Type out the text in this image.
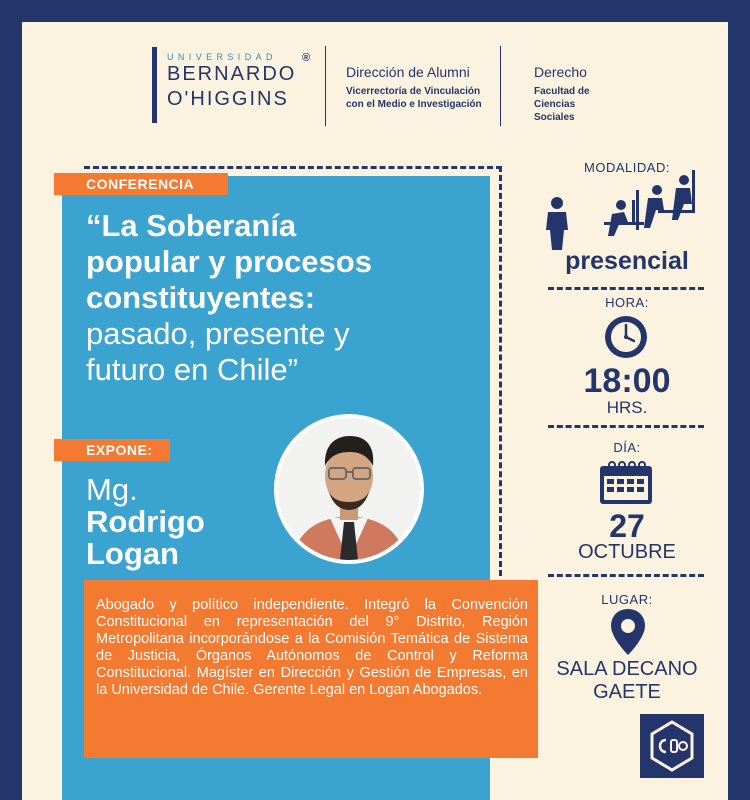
UNIVERSIDAD
BERNARDO
O'HIGGINS
®
Dirección de Alumni
Vicerrectoría de Vinculación con el Medio e Investigación
Derecho
Facultad de Ciencias Sociales
CONFERENCIA
“La Soberanía
popular y procesos
constituyentes:
pasado, presente y
futuro en Chile”
EXPONE:
Mg.
Rodrigo
Logan
Abogado y político independiente. Integró la Convención Constitucional en representación del 9° Distrito, Región Metropolitana incorporándose a la Comisión Temática de Sistema de Justicia, Órganos Autónomos de Control y Reforma Constitucional. Magíster en Dirección y Gestión de Empresas, en la Universidad de Chile. Gerente Legal en Logan Abogados.
MODALIDAD:
presencial
HORA:
18:00
HRS.
DÍA:
27
OCTUBRE
LUGAR:
SALA DECANO
GAETE
